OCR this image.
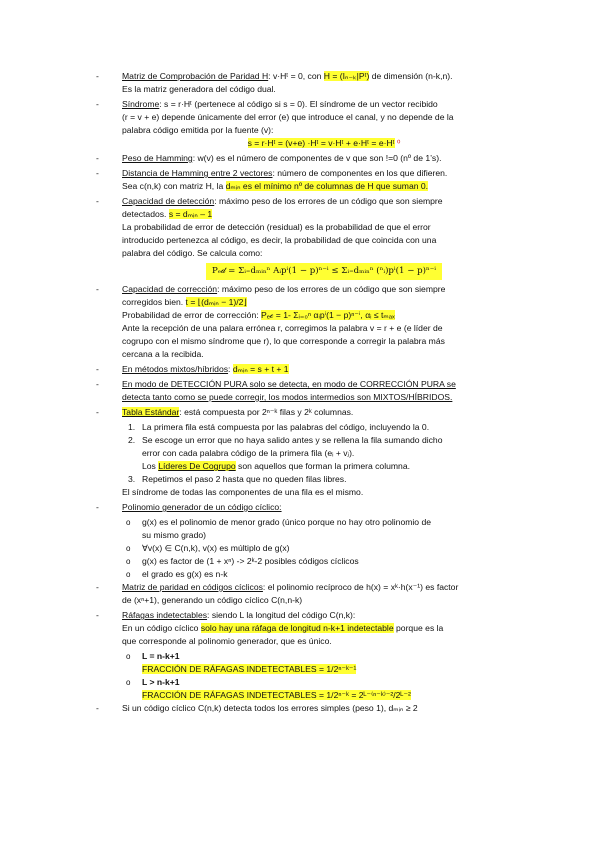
-	Matriz de Comprobación de Paridad H: v·Hᵗ = 0, con H = (Iₙ₋ₖ|Pᵗ) de dimensión (n-k,n).
Es la matriz generadora del código dual.
-	Síndrome: s = r·Hᵗ (pertenece al código si s = 0). El síndrome de un vector recibido
(r = v + e) depende únicamente del error (e) que introduce el canal, y no depende de la
palabra código emitida por la fuente (v):
s = r·Hᵗ = (v+e) ·Hᵗ = v·Hᵗ + e·Hᵗ = e·Hᵗ ⁰
-	Peso de Hamming: w(v) es el número de componentes de v que son !=0 (nº de 1’s).
-	Distancia de Hamming entre 2 vectores: número de componentes en los que difieren.
Sea c(n,k) con matriz H, la dₘᵢₙ es el mínimo nº de columnas de H que suman 0.
-	Capacidad de detección: máximo peso de los errores de un código que son siempre
detectados. s = dₘᵢₙ – 1
La probabilidad de error de detección (residual) es la probabilidad de que el error
introducido pertenezca al código, es decir, la probabilidad de que coincida con una
palabra del código. Se calcula como:
Pₑ𝒹 = Σᵢ₌dₘᵢₙⁿ Aᵢpⁱ(1 − p)ⁿ⁻ⁱ ≤ Σᵢ₌dₘᵢₙⁿ (ⁿᵢ)pⁱ(1 − p)ⁿ⁻ⁱ
-	Capacidad de corrección: máximo peso de los errores de un código que son siempre
corregidos bien. t = ⌊(dₘᵢₙ − 1)/2⌋
Probabilidad de error de corrección: Pₑ𝒸 = 1- Σᵢ₌₀ⁿ αᵢpⁱ(1 − p)ⁿ⁻ⁱ, αᵢ ≤ tₘₐₓ
Ante la recepción de una palara errónea r, corregimos la palabra v = r + e (e líder de
cogrupo con el mismo síndrome que r), lo que corresponde a corregir la palabra más
cercana a la recibida.
-	En métodos mixtos/híbridos: dₘᵢₙ = s + t + 1
-	En modo de DETECCIÓN PURA solo se detecta, en modo de CORRECCIÓN PURA se
detecta tanto como se puede corregir, los modos intermedios son MIXTOS/HÍBRIDOS.
-	Tabla Estándar: está compuesta por 2ⁿ⁻ᵏ filas y 2ᵏ columnas.
1. La primera fila está compuesta por las palabras del código, incluyendo la 0.
2. Se escoge un error que no haya salido antes y se rellena la fila sumando dicho
error con cada palabra código de la primera fila (eᵢ + vⱼ).
Los Líderes De Cogrupo son aquellos que forman la primera columna.
3. Repetimos el paso 2 hasta que no queden filas libres.
El síndrome de todas las componentes de una fila es el mismo.
-	Polinomio generador de un código cíclico:
o g(x) es el polinomio de menor grado (único porque no hay otro polinomio de
su mismo grado)
o ∀v(x) ∈ C(n,k), v(x) es múltiplo de g(x)
o g(x) es factor de (1 + xⁿ) -> 2ᵏ-2 posibles códigos cíclicos
o el grado es g(x) es n-k
-	Matriz de paridad en códigos cíclicos: el polinomio recíproco de h(x) = xᵏ·h(x⁻¹) es factor
de (xⁿ+1), generando un código cíclico C(n,n-k)
-	Ráfagas indetectables: siendo L la longitud del código C(n,k):
En un código cíclico solo hay una ráfaga de longitud n-k+1 indetectable porque es la
que corresponde al polinomio generador, que es único.
o L = n-k+1
FRACCIÓN DE RÁFAGAS INDETECTABLES = 1/2ⁿ⁻ᵏ⁻¹
o L > n-k+1
FRACCIÓN DE RÁFAGAS INDETECTABLES = 1/2ⁿ⁻ᵏ = 2ᴸ⁻⁽ⁿ⁻ᵏ⁾⁻²/2ᴸ⁻²
-	Si un código cíclico C(n,k) detecta todos los errores simples (peso 1), dₘᵢₙ ≥ 2
